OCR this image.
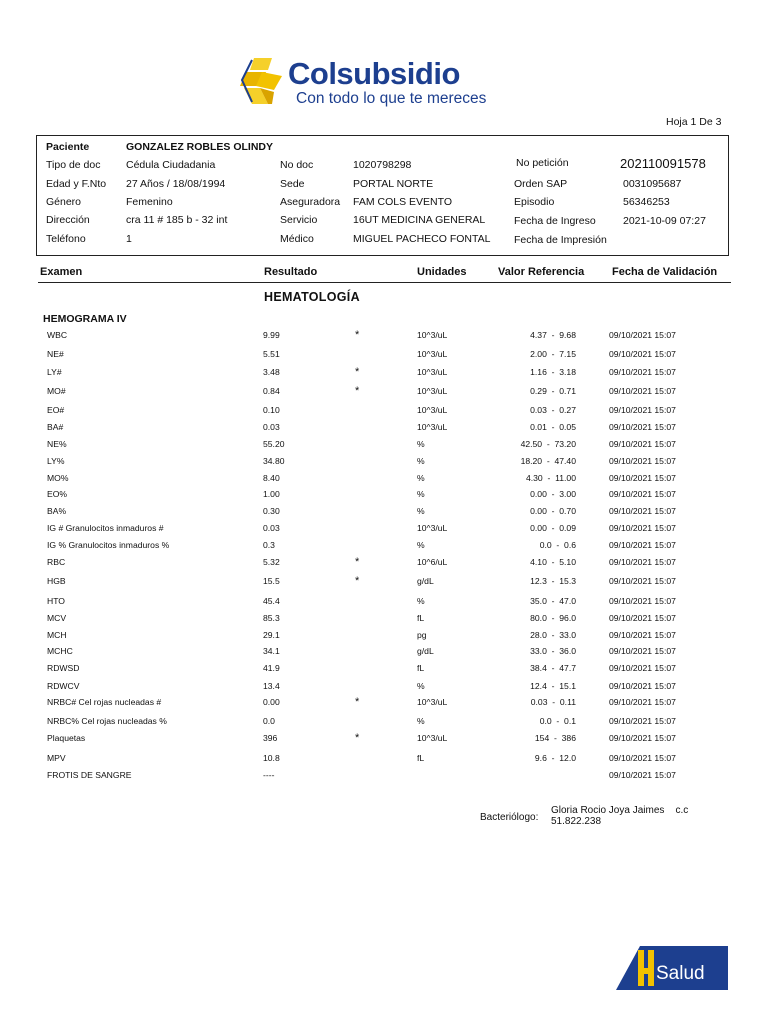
Colsubsidio
Con todo lo que te mereces
Hoja 1 De 3
Paciente	GONZALEZ ROBLES OLINDY
Tipo de doc Cédula Ciudadania	No doc	1020798298	No petición	202110091578
Edad y F.Nto 27 Años / 18/08/1994	Sede	PORTAL NORTE	Orden SAP	0031095687
Género	Femenino	Aseguradora FAM COLS EVENTO	Episodio	56346253
Dirección	cra 11 # 185 b - 32 int	Servicio	16UT MEDICINA GENERAL	Fecha de Ingreso	2021-10-09 07:27
Teléfono	1	Médico	MIGUEL PACHECO FONTAL Fecha de Impresión
Examen	Resultado	Unidades	Valor Referencia	Fecha de Validación
HEMATOLOGÍA
HEMOGRAMA IV
WBC	9.99	*	10^3/uL	4.37  -  9.68	09/10/2021 15:07
NE#	5.51	10^3/uL	2.00  -  7.15	09/10/2021 15:07
LY#	3.48	*	10^3/uL	1.16  -  3.18	09/10/2021 15:07
MO#	0.84	*	10^3/uL	0.29  -  0.71	09/10/2021 15:07
EO#	0.10	10^3/uL	0.03  -  0.27	09/10/2021 15:07
BA#	0.03	10^3/uL	0.01  -  0.05	09/10/2021 15:07
NE%	55.20	%	42.50  -  73.20	09/10/2021 15:07
LY%	34.80	%	18.20  -  47.40	09/10/2021 15:07
MO%	8.40	%	4.30  -  11.00	09/10/2021 15:07
EO%	1.00	%	0.00  -  3.00	09/10/2021 15:07
BA%	0.30	%	0.00  -  0.70	09/10/2021 15:07
IG # Granulocitos inmaduros #	0.03	10^3/uL	0.00  -  0.09	09/10/2021 15:07
IG % Granulocitos inmaduros %	0.3	%	0.0  -  0.6	09/10/2021 15:07
RBC	5.32	*	10^6/uL	4.10  -  5.10	09/10/2021 15:07
HGB	15.5	*	g/dL	12.3  -  15.3	09/10/2021 15:07
HTO	45.4	%	35.0  -  47.0	09/10/2021 15:07
MCV	85.3	fL	80.0  -  96.0	09/10/2021 15:07
MCH	29.1	pg	28.0  -  33.0	09/10/2021 15:07
MCHC	34.1	g/dL	33.0  -  36.0	09/10/2021 15:07
RDWSD	41.9	fL	38.4  -  47.7	09/10/2021 15:07
RDWCV	13.4	%	12.4  -  15.1	09/10/2021 15:07
NRBC# Cel rojas nucleadas #	0.00	*	10^3/uL	0.03  -  0.11	09/10/2021 15:07
NRBC% Cel rojas nucleadas %	0.0	%	0.0  -  0.1	09/10/2021 15:07
Plaquetas	396	*	10^3/uL	154  -  386	09/10/2021 15:07
MPV	10.8	fL	9.6  -  12.0	09/10/2021 15:07
FROTIS DE SANGRE	----	09/10/2021 15:07
Bacteriólogo:
Gloria Rocio Joya Jaimes    c.c
51.822.238
Salud
